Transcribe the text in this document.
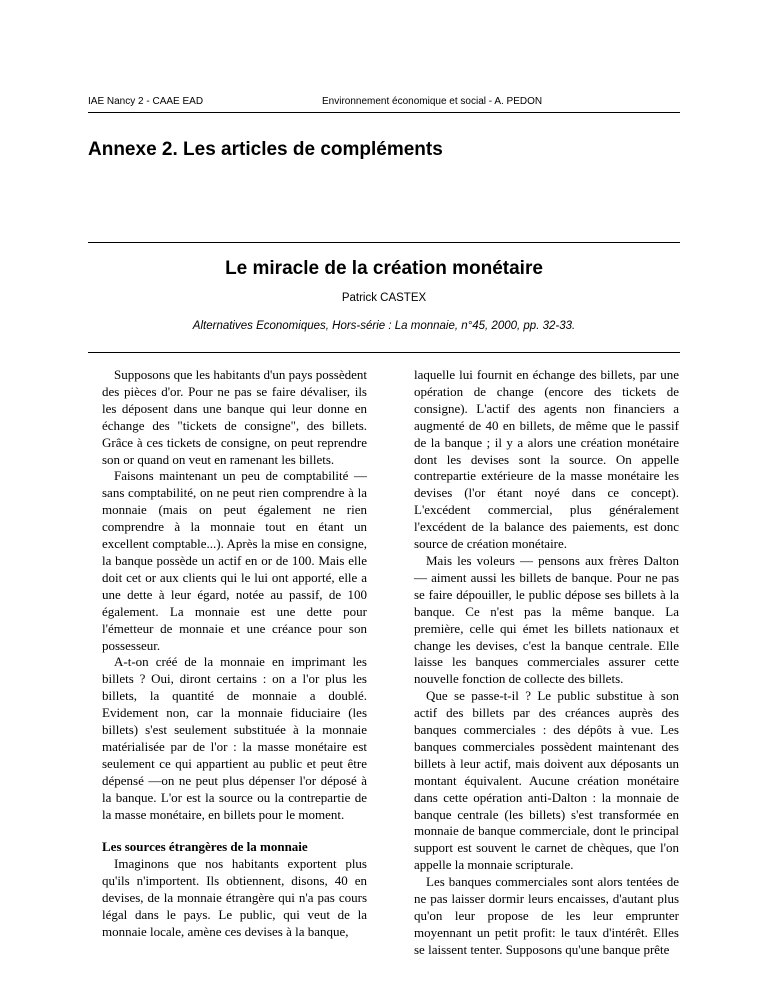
IAE Nancy 2 - CAAE EAD	Environnement économique et social - A. PEDON
Annexe 2. Les articles de compléments
Le miracle de la création monétaire
Patrick CASTEX
Alternatives Economiques, Hors-série : La monnaie, n°45, 2000, pp. 32-33.

Supposons que les habitants d'un pays possèdent des pièces d'or. Pour ne pas se faire dévaliser, ils les déposent dans une banque qui leur donne en échange des "tickets de consigne", des billets. Grâce à ces tickets de consigne, on peut reprendre son or quand on veut en ramenant les billets.

Faisons maintenant un peu de comptabilité — sans comptabilité, on ne peut rien comprendre à la monnaie (mais on peut également ne rien comprendre à la monnaie tout en étant un excellent comptable...). Après la mise en consigne, la banque possède un actif en or de 100. Mais elle doit cet or aux clients qui le lui ont apporté, elle a une dette à leur égard, notée au passif, de 100 également. La monnaie est une dette pour l'émetteur de monnaie et une créance pour son possesseur.

A-t-on créé de la monnaie en imprimant les billets ? Oui, diront certains : on a l'or plus les billets, la quantité de monnaie a doublé. Evidement non, car la monnaie fiduciaire (les billets) s'est seulement substituée à la monnaie matérialisée par de l'or : la masse monétaire est seulement ce qui appartient au public et peut être dépensé —on ne peut plus dépenser l'or déposé à la banque. L'or est la source ou la contrepartie de la masse monétaire, en billets pour le moment.

Les sources étrangères de la monnaie

Imaginons que nos habitants exportent plus qu'ils n'importent. Ils obtiennent, disons, 40 en devises, de la monnaie étrangère qui n'a pas cours légal dans le pays. Le public, qui veut de la monnaie locale, amène ces devises à la banque,

laquelle lui fournit en échange des billets, par une opération de change (encore des tickets de consigne). L'actif des agents non financiers a augmenté de 40 en billets, de même que le passif de la banque ; il y a alors une création monétaire dont les devises sont la source. On appelle contrepartie extérieure de la masse monétaire les devises (l'or étant noyé dans ce concept). L'excédent commercial, plus généralement l'excédent de la balance des paiements, est donc source de création monétaire.

Mais les voleurs — pensons aux frères Dalton — aiment aussi les billets de banque. Pour ne pas se faire dépouiller, le public dépose ses billets à la banque. Ce n'est pas la même banque. La première, celle qui émet les billets nationaux et change les devises, c'est la banque centrale. Elle laisse les banques commerciales assurer cette nouvelle fonction de collecte des billets.

Que se passe-t-il ? Le public substitue à son actif des billets par des créances auprès des banques commerciales : des dépôts à vue. Les banques commerciales possèdent maintenant des billets à leur actif, mais doivent aux déposants un montant équivalent. Aucune création monétaire dans cette opération anti-Dalton : la monnaie de banque centrale (les billets) s'est transformée en monnaie de banque commerciale, dont le principal support est souvent le carnet de chèques, que l'on appelle la monnaie scripturale.

Les banques commerciales sont alors tentées de ne pas laisser dormir leurs encaisses, d'autant plus qu'on leur propose de les leur emprunter moyennant un petit profit: le taux d'intérêt. Elles se laissent tenter. Supposons qu'une banque prête
